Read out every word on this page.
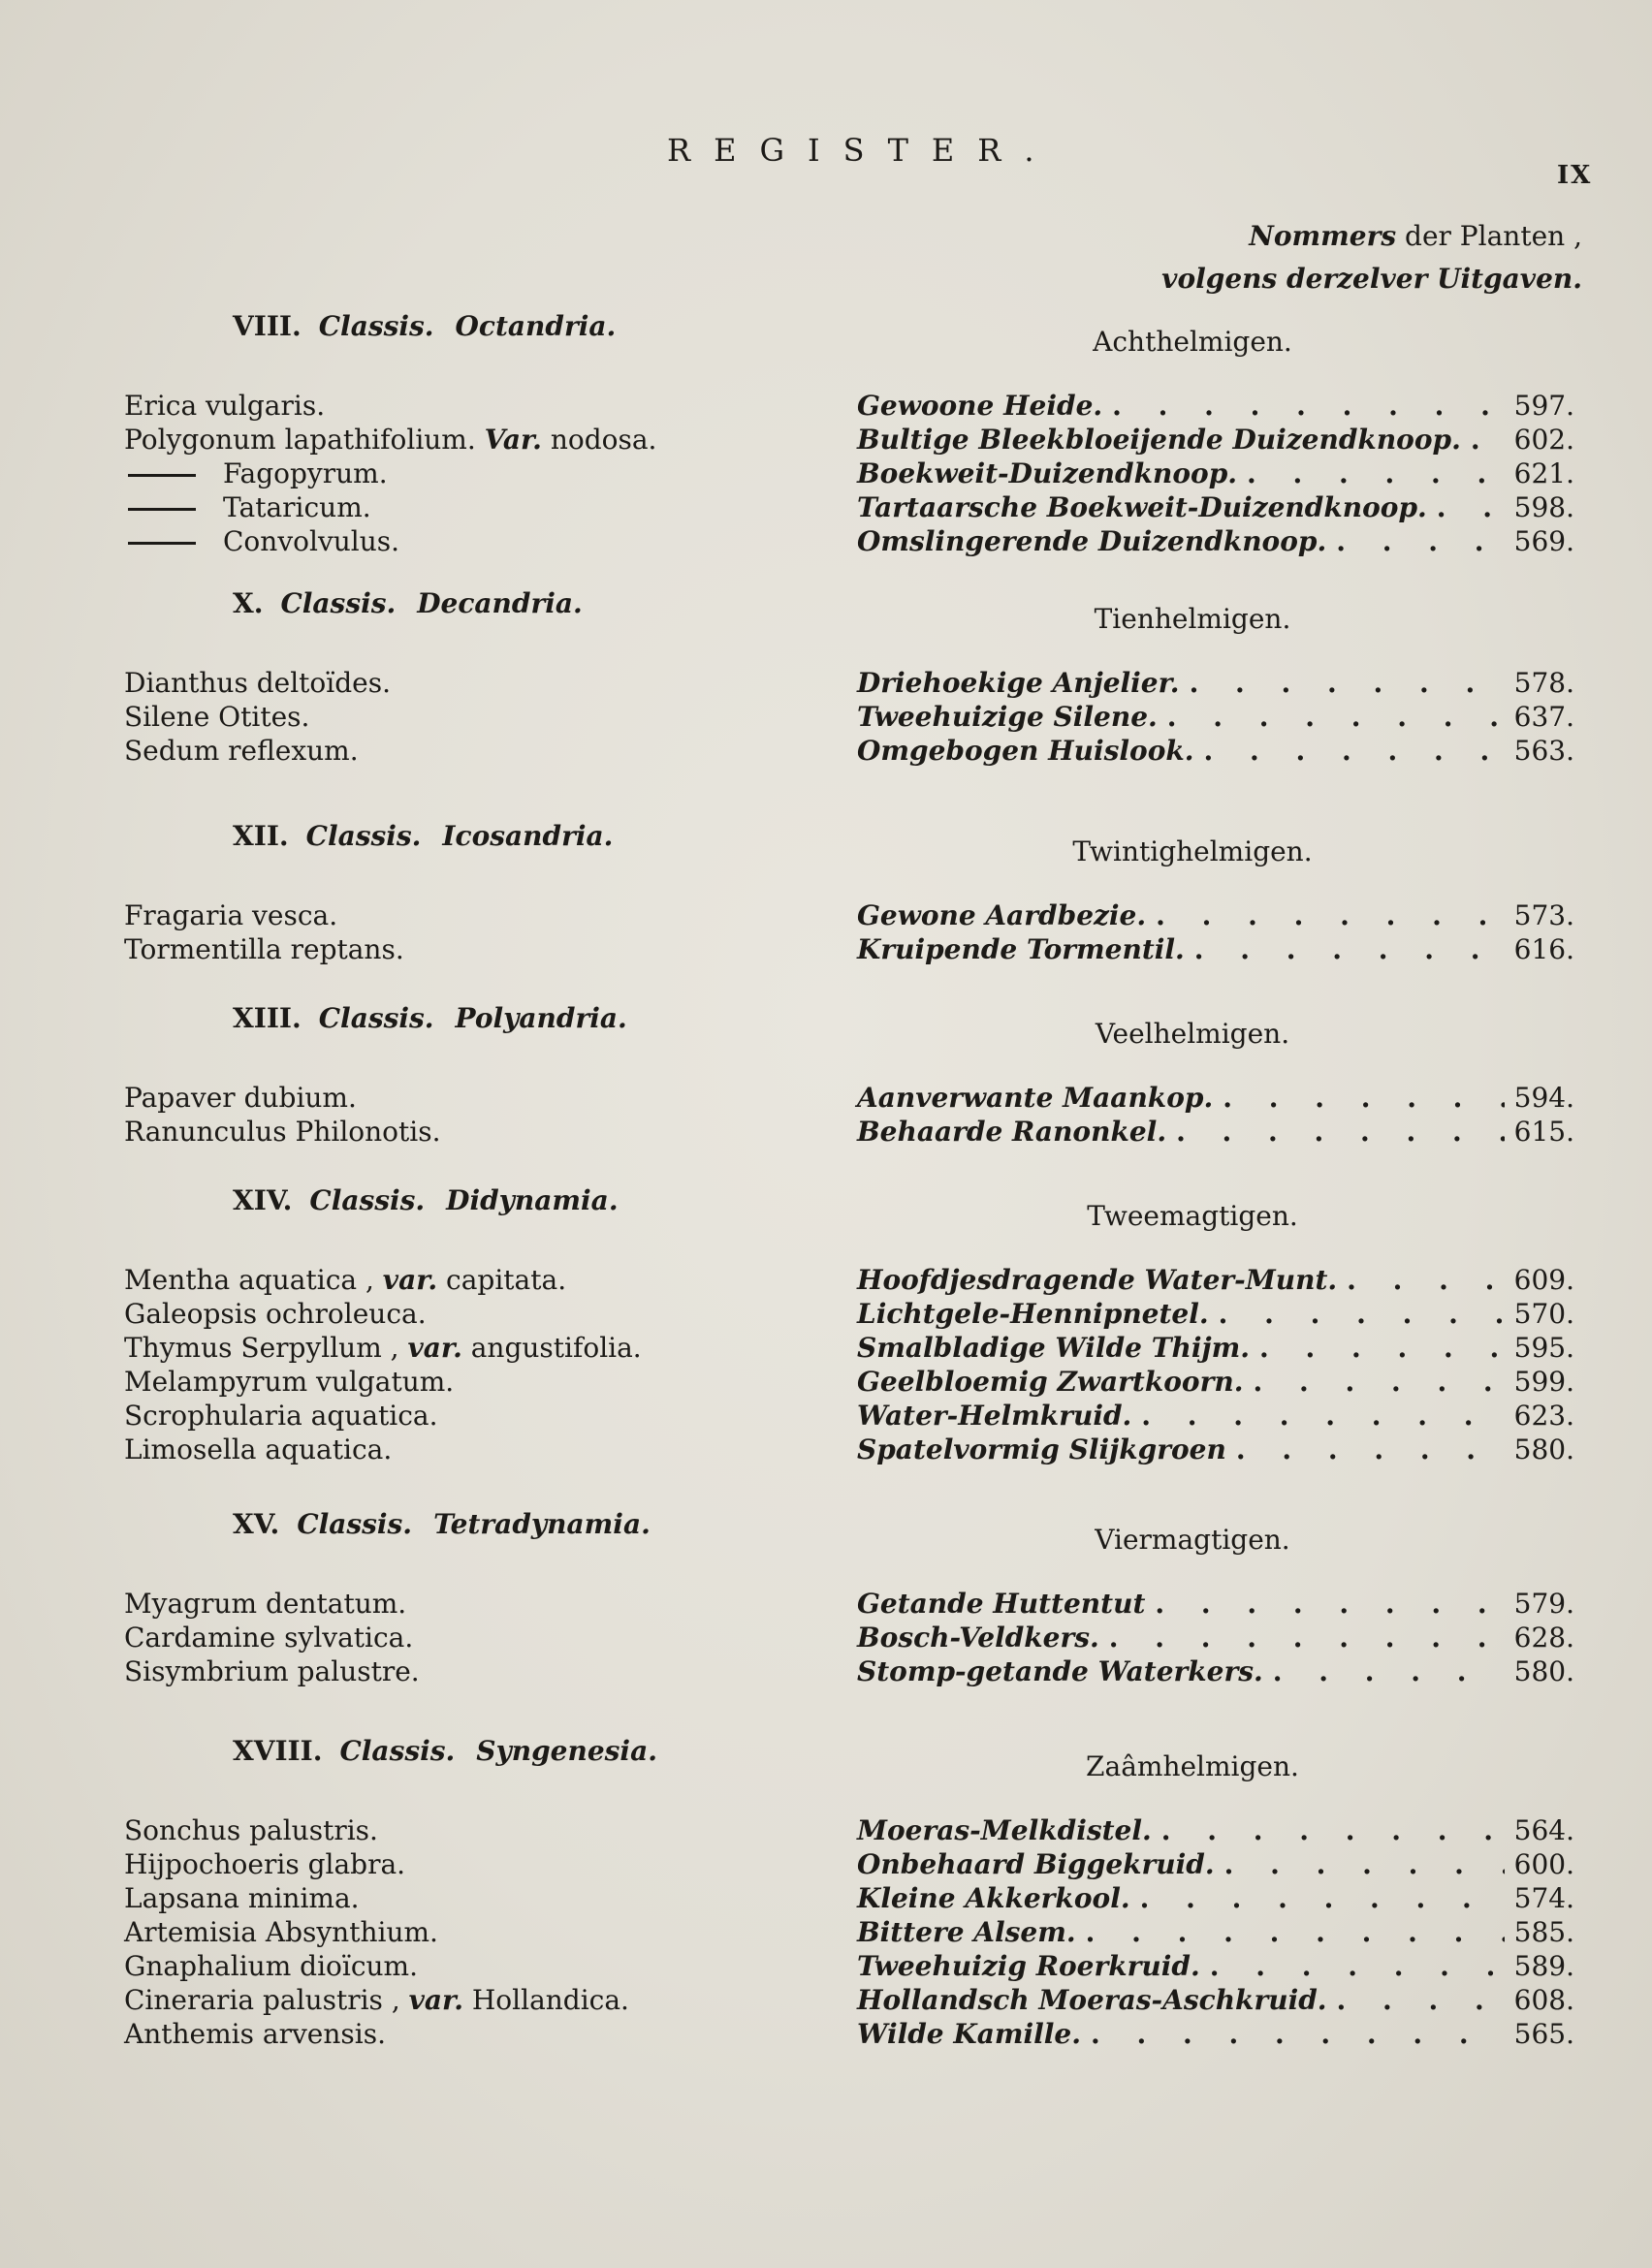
REGISTER.
IX
Nommers der Planten ,
volgens derzelver Uitgaven.
VIII. Classis. Octandria.	Achthelmigen.
Erica vulgaris.	Gewoone Heide. . . .	597.
Polygonum lapathifolium. Var. nodosa.	Bultige Bleekbloeijende Duizendknoop. . . . 602.
Fagopyrum.	Boekweit-Duizendknoop. . . .	621.
Tataricum.	Tartaarsche Boekweit-Duizendknoop. . . .	598.
Convolvulus.	Omslingerende Duizendknoop. . . .	569.
X. Classis. Decandria.	Tienhelmigen.
Dianthus deltoïdes.	Driehoekige Anjelier. . . .	578.
Silene Otites.	Tweehuizige Silene. . . .	637.
Sedum reflexum.	Omgebogen Huislook. . . .	563.
XII. Classis. Icosandria.	Twintighelmigen.
Fragaria vesca.	Gewone Aardbezie. . . .	573.
Tormentilla reptans.	Kruipende Tormentil. . . .	616.
XIII. Classis. Polyandria.	Veelhelmigen.
Papaver dubium.	Aanverwante Maankop. . . .	594.
Ranunculus Philonotis.	Behaarde Ranonkel. . . .	615.
XIV. Classis. Didynamia.	Tweemagtigen.
Mentha aquatica , var. capitata.	Hoofdjesdragende Water-Munt. . . .	609.
Galeopsis ochroleuca.	Lichtgele-Hennipnetel. . . .	570.
Thymus Serpyllum , var. angustifolia.	Smalbladige Wilde Thijm. . . .	595.
Melampyrum vulgatum.	Geelbloemig Zwartkoorn. . . .	599.
Scrophularia aquatica.	Water-Helmkruid. . . .	623.
Limosella aquatica.	Spatelvormig Slijkgroen . . .	580.
XV. Classis. Tetradynamia.	Viermagtigen.
Myagrum dentatum.	Getande Huttentut . . .	579.
Cardamine sylvatica.	Bosch-Veldkers. . . .	628.
Sisymbrium palustre.	Stomp-getande Waterkers. . . .	580.
XVIII. Classis. Syngenesia.	Zaâmhelmigen.
Sonchus palustris.	Moeras-Melkdistel. . . .	564.
Hijpochoeris glabra.	Onbehaard Biggekruid. . . .	600.
Lapsana minima.	Kleine Akkerkool. . . .	574.
Artemisia Absynthium.	Bittere Alsem. . . .	585.
Gnaphalium dioïcum.	Tweehuizig Roerkruid. . . .	589.
Cineraria palustris , var. Hollandica.	Hollandsch Moeras-Aschkruid. . . .	608.
Anthemis arvensis.	Wilde Kamille. . . .	565.
